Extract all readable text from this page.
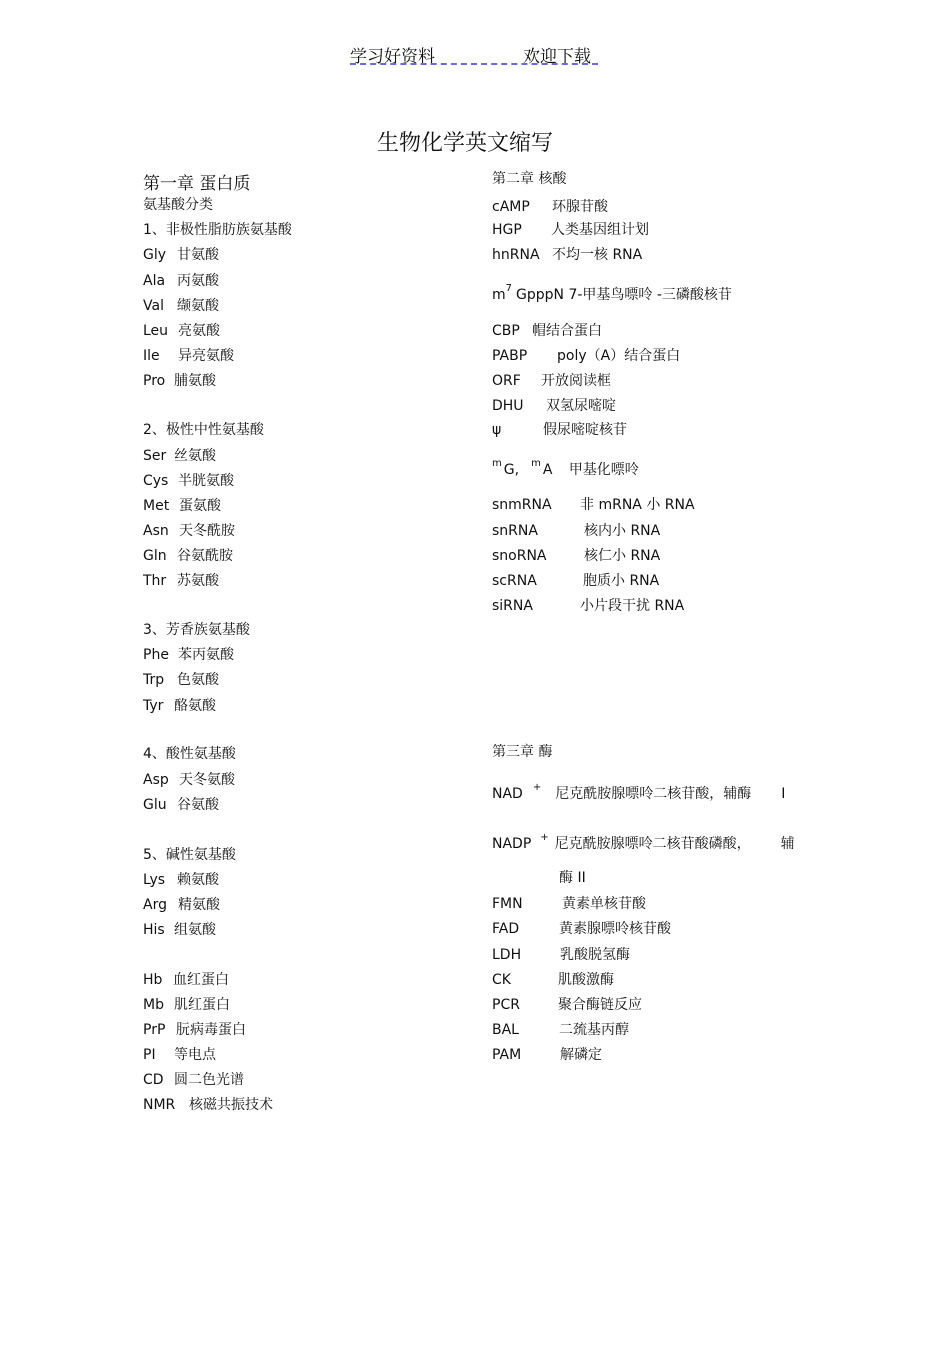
学习好资料	欢迎下载
生物化学英文缩写
第一章 蛋白质
氨基酸分类
1、非极性脂肪族氨基酸
Gly 甘氨酸
Ala 丙氨酸
Val 缬氨酸
Leu 亮氨酸
Ile 异亮氨酸
Pro 脯氨酸
2、极性中性氨基酸
Ser 丝氨酸
Cys 半胱氨酸
Met 蛋氨酸
Asn 天冬酰胺
Gln 谷氨酰胺
Thr 苏氨酸
3、芳香族氨基酸
Phe 苯丙氨酸
Trp 色氨酸
Tyr 酪氨酸
4、酸性氨基酸
Asp 天冬氨酸
Glu 谷氨酸
5、碱性氨基酸
Lys 赖氨酸
Arg 精氨酸
His 组氨酸
Hb 血红蛋白
Mb 肌红蛋白
PrP 朊病毒蛋白
PI 等电点
CD 圆二色光谱
NMR 核磁共振技术
第二章 核酸
cAMP 环腺苷酸
HGP 人类基因组计划
hnRNA 不均一核 RNA
$m^7$ GpppN 7-甲基鸟嘌呤 -三磷酸核苷
CBP 帽结合蛋白
PABP poly（A）结合蛋白
ORF 开放阅读框
DHU 双氢尿嘧啶
ψ	假尿嘧啶核苷
$^m$ G, $^m$ A 甲基化嘌呤
snmRNA 非 mRNA 小 RNA
snRNA	核内小 RNA
snoRNA	核仁小 RNA
scRNA	胞质小 RNA
siRNA	小片段干扰 RNA
第三章 酶
NAD + 尼克酰胺腺嘌呤二核苷酸，辅酶 I
NADP + 尼克酰胺腺嘌呤二核苷酸磷酸， 辅
酶 II
FMN	黄素单核苷酸
FAD	黄素腺嘌呤核苷酸
LDH	乳酸脱氢酶
CK	肌酸激酶
PCR	聚合酶链反应
BAL	二巯基丙醇
PAM	解磷定
